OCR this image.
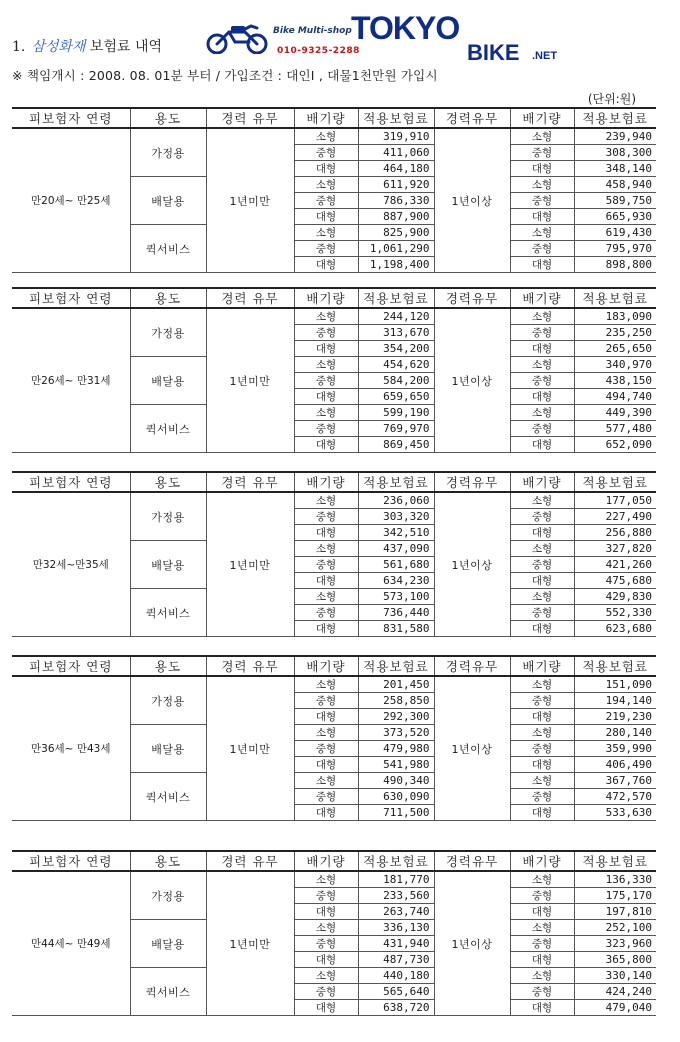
1. 삼성화재 보험료 내역
Bike Multi-shop
010-9325-2288
TOKYO
BIKE .NET
※ 책임개시 : 2008. 08. 01분 부터 / 가입조건 : 대인I , 대물1천만원 가입시
(단위:원)
피보험자 연령	용도	경력 유무	배기량	적용보험료	경력유무	배기량	적용보험료
만20세~ 만25세	가정용	1년미만	소형	319,910	1년이상	소형	239,940
			중형	411,060		중형	308,300
			대형	464,180		대형	348,140
	배달용		소형	611,920		소형	458,940
			중형	786,330		중형	589,750
			대형	887,900		대형	665,930
	퀵서비스		소형	825,900		소형	619,430
			중형	1,061,290		중형	795,970
			대형	1,198,400		대형	898,800
피보험자 연령	용도	경력 유무	배기량	적용보험료	경력유무	배기량	적용보험료
만26세~ 만31세	가정용	1년미만	소형	244,120	1년이상	소형	183,090
			중형	313,670		중형	235,250
			대형	354,200		대형	265,650
	배달용		소형	454,620		소형	340,970
			중형	584,200		중형	438,150
			대형	659,650		대형	494,740
	퀵서비스		소형	599,190		소형	449,390
			중형	769,970		중형	577,480
			대형	869,450		대형	652,090
피보험자 연령	용도	경력 유무	배기량	적용보험료	경력유무	배기량	적용보험료
만32세~만35세	가정용	1년미만	소형	236,060	1년이상	소형	177,050
			중형	303,320		중형	227,490
			대형	342,510		대형	256,880
	배달용		소형	437,090		소형	327,820
			중형	561,680		중형	421,260
			대형	634,230		대형	475,680
	퀵서비스		소형	573,100		소형	429,830
			중형	736,440		중형	552,330
			대형	831,580		대형	623,680
피보험자 연령	용도	경력 유무	배기량	적용보험료	경력유무	배기량	적용보험료
만36세~ 만43세	가정용	1년미만	소형	201,450	1년이상	소형	151,090
			중형	258,850		중형	194,140
			대형	292,300		대형	219,230
	배달용		소형	373,520		소형	280,140
			중형	479,980		중형	359,990
			대형	541,980		대형	406,490
	퀵서비스		소형	490,340		소형	367,760
			중형	630,090		중형	472,570
			대형	711,500		대형	533,630
피보험자 연령	용도	경력 유무	배기량	적용보험료	경력유무	배기량	적용보험료
만44세~ 만49세	가정용	1년미만	소형	181,770	1년이상	소형	136,330
			중형	233,560		중형	175,170
			대형	263,740		대형	197,810
	배달용		소형	336,130		소형	252,100
			중형	431,940		중형	323,960
			대형	487,730		대형	365,800
	퀵서비스		소형	440,180		소형	330,140
			중형	565,640		중형	424,240
			대형	638,720		대형	479,040
